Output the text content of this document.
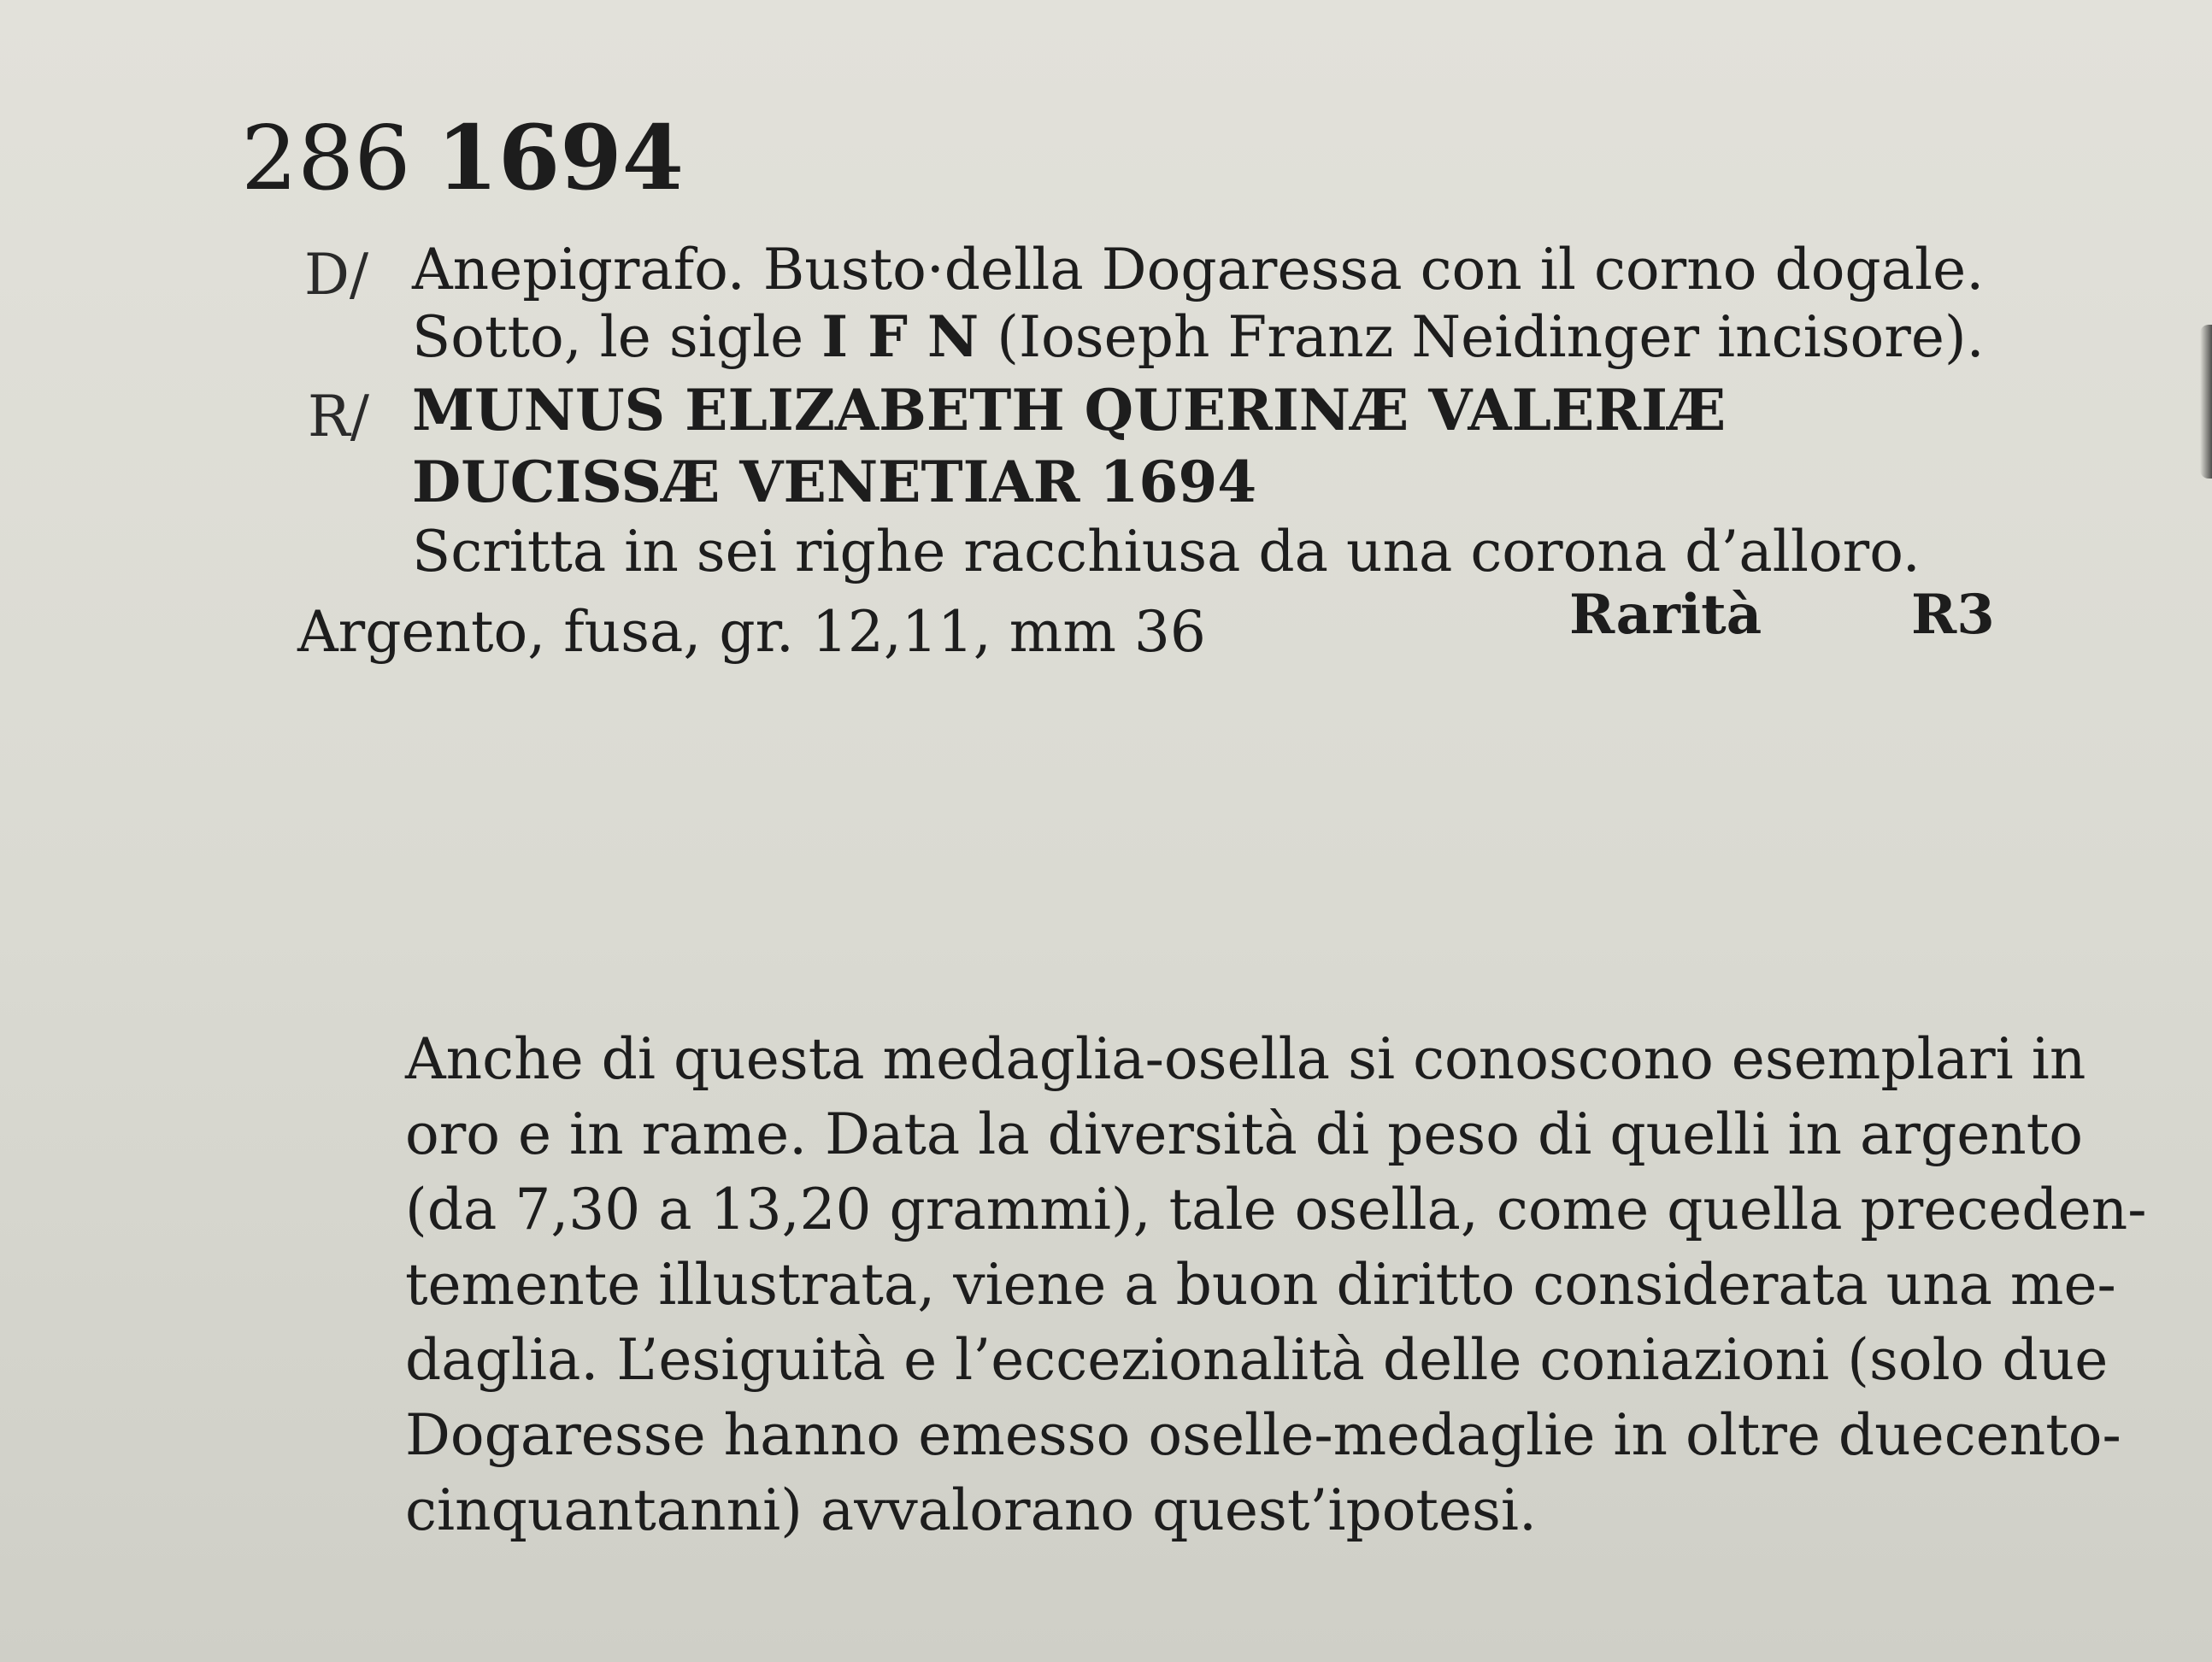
286 1694
D/ Anepigrafo. Busto·della Dogaressa con il corno dogale.
Sotto, le sigle I F N (Ioseph Franz Neidinger incisore).
R/ MUNUS ELIZABETH QUERINÆ VALERIÆ
DUCISSÆ VENETIAR 1694
Scritta in sei righe racchiusa da una corona d’alloro.
Argento, fusa, gr. 12,11, mm 36	Rarità	R3
Anche di questa medaglia-osella si conoscono esemplari in
oro e in rame. Data la diversità di peso di quelli in argento
(da 7,30 a 13,20 grammi), tale osella, come quella preceden-
temente illustrata, viene a buon diritto considerata una me-
daglia. L’esiguità e l’eccezionalità delle coniazioni (solo due
Dogaresse hanno emesso oselle-medaglie in oltre duecento-
cinquantanni) avvalorano quest’ipotesi.
